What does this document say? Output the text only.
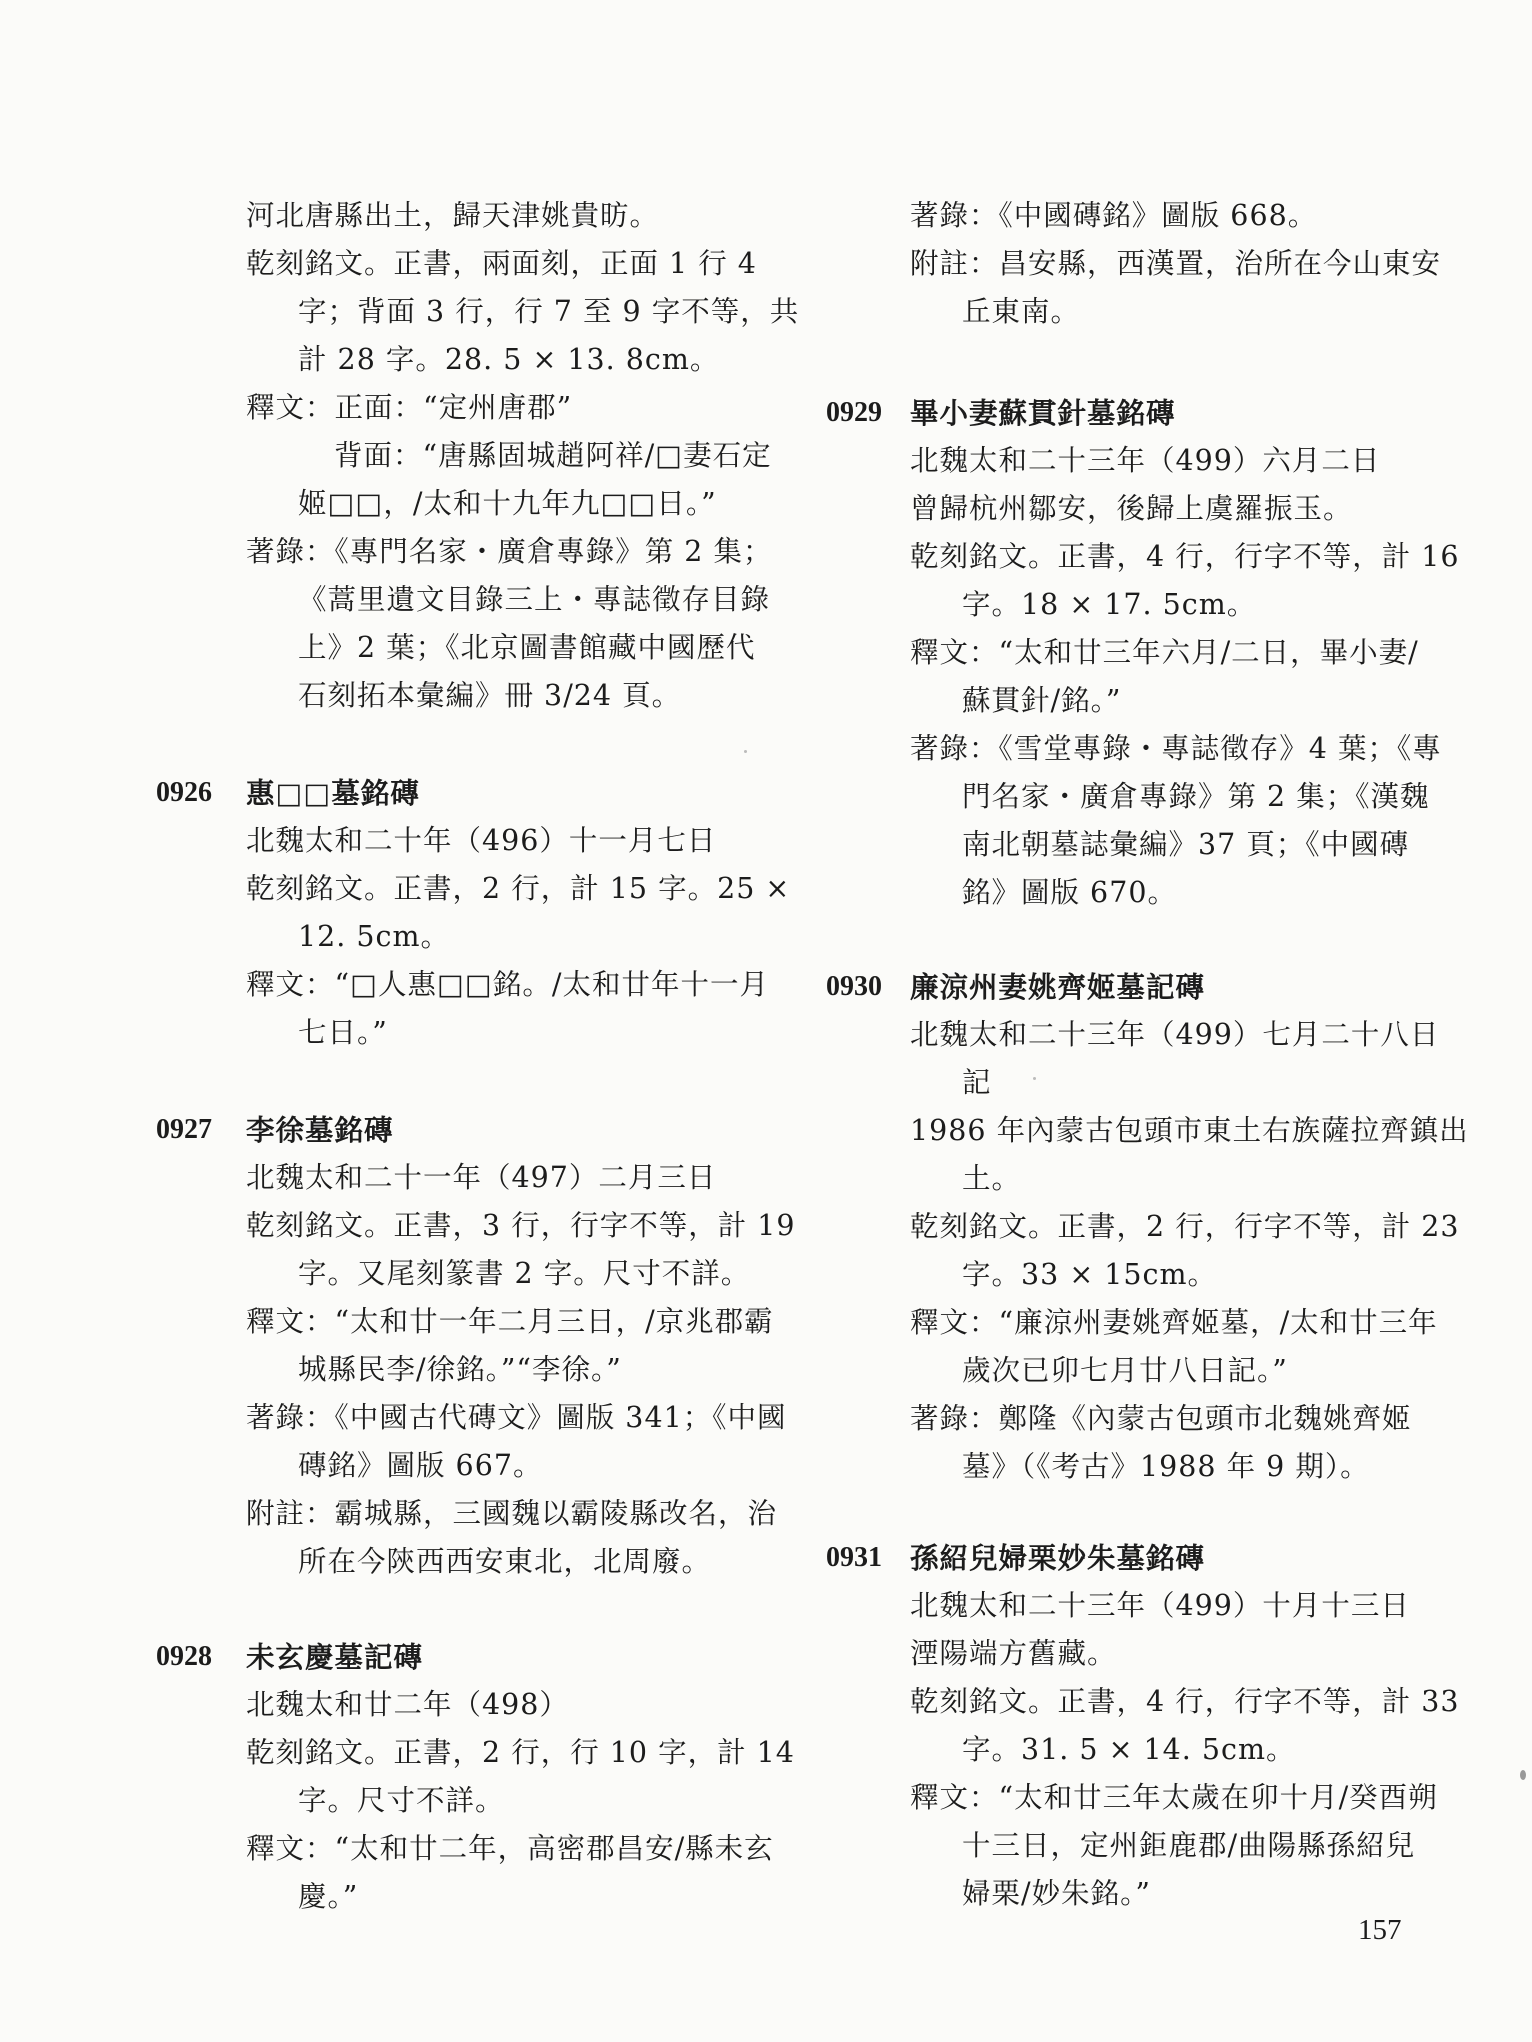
河北唐縣出土，歸天津姚貴昉。
乾刻銘文。正書，兩面刻，正面 1 行 4
字；背面 3 行，行 7 至 9 字不等，共
計 28 字。28. 5 × 13. 8cm。
釋文：正面：“定州唐郡”
背面：“唐縣固城趙阿祥/□妻石定
姬□□，/太和十九年九□□日。”
著錄：《專門名家・廣倉專錄》第 2 集；
《蒿里遺文目錄三上・專誌徵存目錄
上》2 葉；《北京圖書館藏中國歷代
石刻拓本彙編》冊 3/24 頁。
0926 惠□□墓銘磚
北魏太和二十年（496）十一月七日
乾刻銘文。正書，2 行，計 15 字。25 ×
12. 5cm。
釋文：“□人惠□□銘。/太和廿年十一月
七日。”
0927 李徐墓銘磚
北魏太和二十一年（497）二月三日
乾刻銘文。正書，3 行，行字不等，計 19
字。又尾刻篆書 2 字。尺寸不詳。
釋文：“太和廿一年二月三日，/京兆郡霸
城縣民李/徐銘。”“李徐。”
著錄：《中國古代磚文》圖版 341；《中國
磚銘》圖版 667。
附註：霸城縣，三國魏以霸陵縣改名，治
所在今陝西西安東北，北周廢。
0928 未玄慶墓記磚
北魏太和廿二年（498）
乾刻銘文。正書，2 行，行 10 字，計 14
字。尺寸不詳。
釋文：“太和廿二年，高密郡昌安/縣未玄
慶。”
著錄：《中國磚銘》圖版 668。
附註：昌安縣，西漢置，治所在今山東安
丘東南。
0929 畢小妻蘇貫針墓銘磚
北魏太和二十三年（499）六月二日
曾歸杭州鄒安，後歸上虞羅振玉。
乾刻銘文。正書，4 行，行字不等，計 16
字。18 × 17. 5cm。
釋文：“太和廿三年六月/二日，畢小妻/
蘇貫針/銘。”
著錄：《雪堂專錄・專誌徵存》4 葉；《專
門名家・廣倉專錄》第 2 集；《漢魏
南北朝墓誌彙編》37 頁；《中國磚
銘》圖版 670。
0930 廉涼州妻姚齊姬墓記磚
北魏太和二十三年（499）七月二十八日
記
1986 年內蒙古包頭市東土右族薩拉齊鎮出
土。
乾刻銘文。正書，2 行，行字不等，計 23
字。33 × 15cm。
釋文：“廉涼州妻姚齊姬墓，/太和廿三年
歲次已卯七月廿八日記。”
著錄：鄭隆《內蒙古包頭市北魏姚齊姬
墓》（《考古》1988 年 9 期）。
0931 孫紹兒婦栗妙朱墓銘磚
北魏太和二十三年（499）十月十三日
湮陽端方舊藏。
乾刻銘文。正書，4 行，行字不等，計 33
字。31. 5 × 14. 5cm。
釋文：“太和廿三年太歲在卯十月/癸酉朔
十三日，定州鉅鹿郡/曲陽縣孫紹兒
婦栗/妙朱銘。”
157
